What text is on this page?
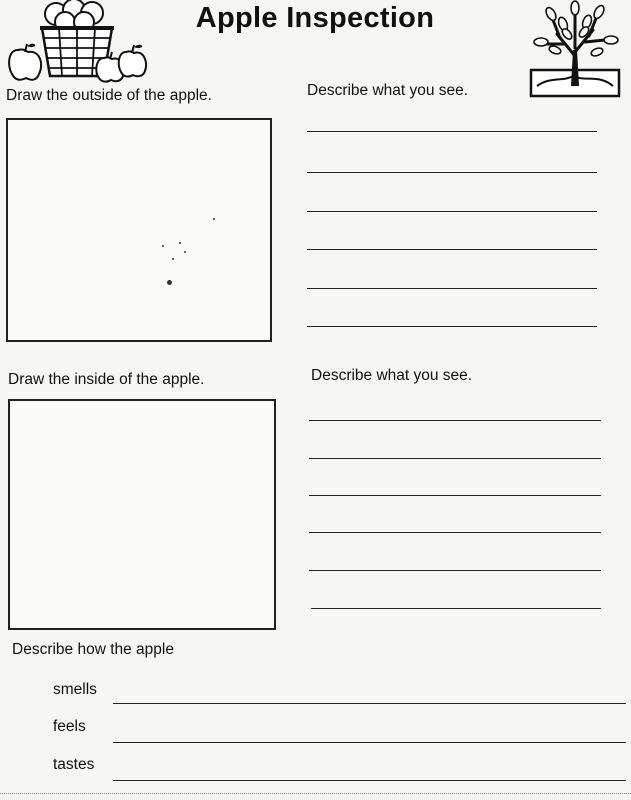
Apple Inspection
Draw the outside of the apple.	Describe what you see.
Draw the inside of the apple.	Describe what you see.
Describe how the apple
smells
feels
tastes
